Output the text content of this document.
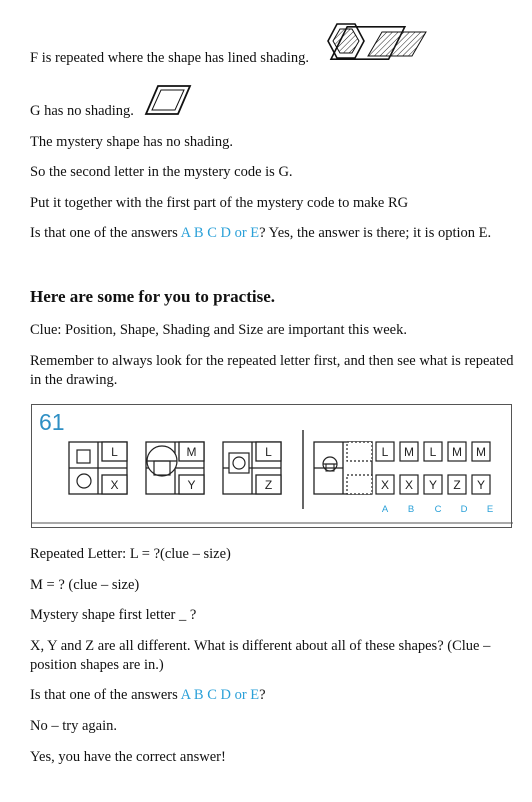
F is repeated where the shape has lined shading.
G has no shading.
The mystery shape has no shading.
So the second letter in the mystery code is G.
Put it together with the first part of the mystery code to make RG
Is that one of the answers A B C D or E? Yes, the answer is there; it is option E.
Here are some for you to practise.
Clue: Position, Shape, Shading and Size are important this week.
Remember to always look for the repeated letter first, and then see what is repeated in the drawing.
61
L
X
M
Y
L
Z
L
X
A
M
X
B
L
Y
C
M
Z
D
M
Y
E
Repeated Letter: L = ?(clue – size)
M = ? (clue – size)
Mystery shape first letter _ ?
X, Y and Z are all different. What is different about all of these shapes? (Clue – position shapes are in.)
Is that one of the answers A B C D or E?
No – try again.
Yes, you have the correct answer!
